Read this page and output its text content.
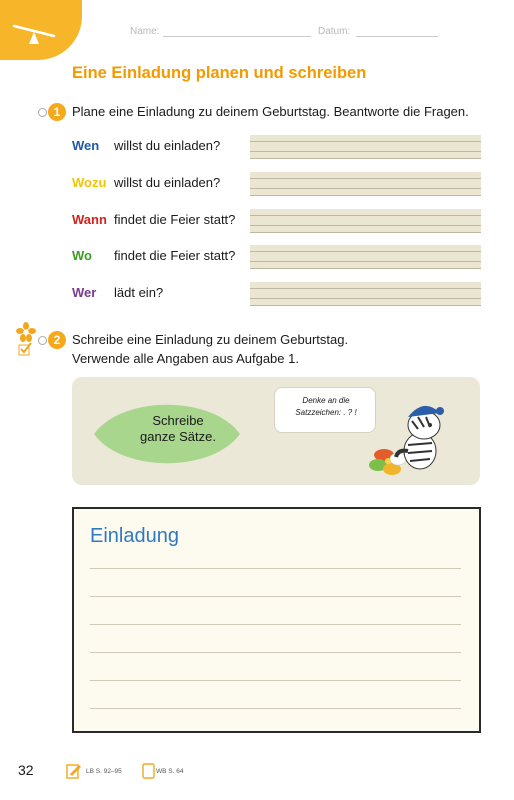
Name:	Datum:
Eine Einladung planen und schreiben
1 Plane eine Einladung zu deinem Geburtstag. Beantworte die Fragen.
Wen willst du einladen?
Wozu willst du einladen?
Wann findet die Feier statt?
Wo findet die Feier statt?
Wer lädt ein?
2 Schreibe eine Einladung zu deinem Geburtstag.
Verwende alle Angaben aus Aufgabe 1.
Schreibe
ganze Sätze.
Denke an die
Satzzeichen: . ? !
Einladung
32	LB S. 92–95	WB S. 64
